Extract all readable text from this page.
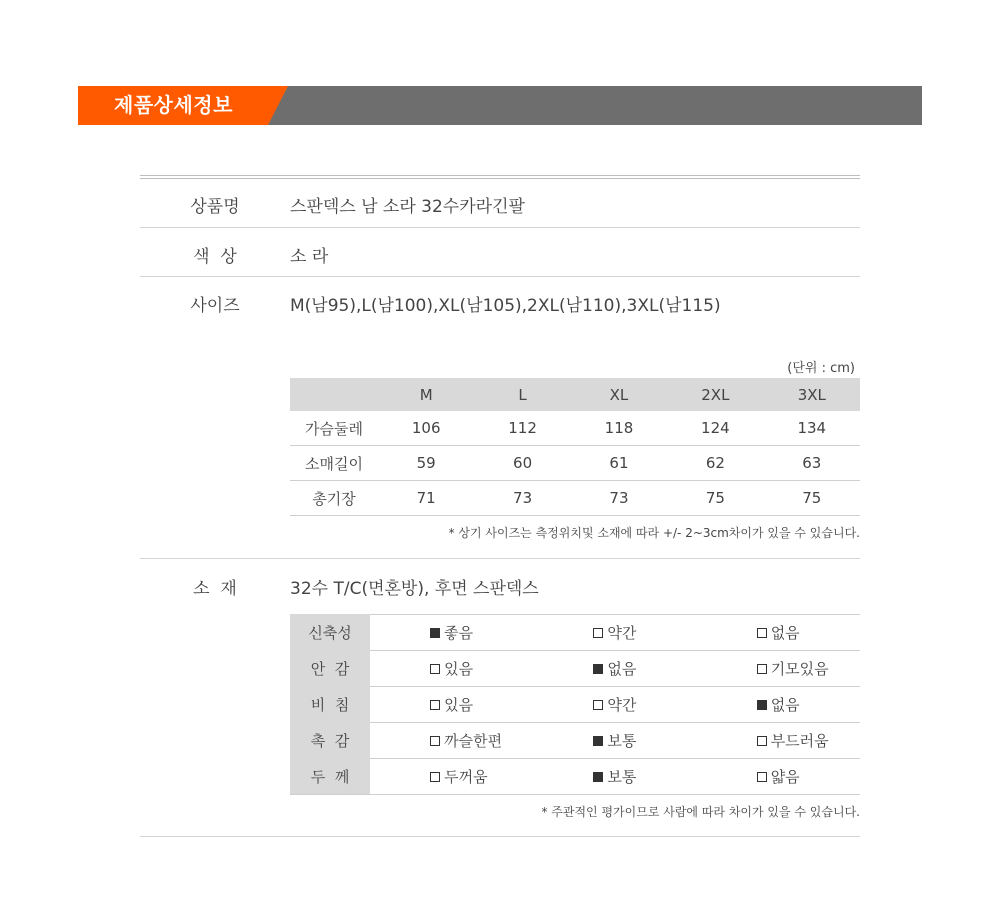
제품상세정보
상품명	스판덱스 남 소라 32수카라긴팔
색  상	소 라
사이즈	M(남95),L(남100),XL(남105),2XL(남110),3XL(남115)
(단위 : cm)
	M	L	XL	2XL	3XL
가슴둘레	106	112	118	124	134
소매길이	59	60	61	62	63
총기장	71	73	73	75	75
* 상기 사이즈는 측정위치및 소재에 따라 +/- 2~3cm차이가 있을 수 있습니다.
소  재	32수 T/C(면혼방), 후면 스판덱스
신축성	좋음	약간	없음
안  감	있음	없음	기모있음
비  침	있음	약간	없음
촉  감	까슬한편	보통	부드러움
두  께	두꺼움	보통	얇음
* 주관적인 평가이므로 사람에 따라 차이가 있을 수 있습니다.
